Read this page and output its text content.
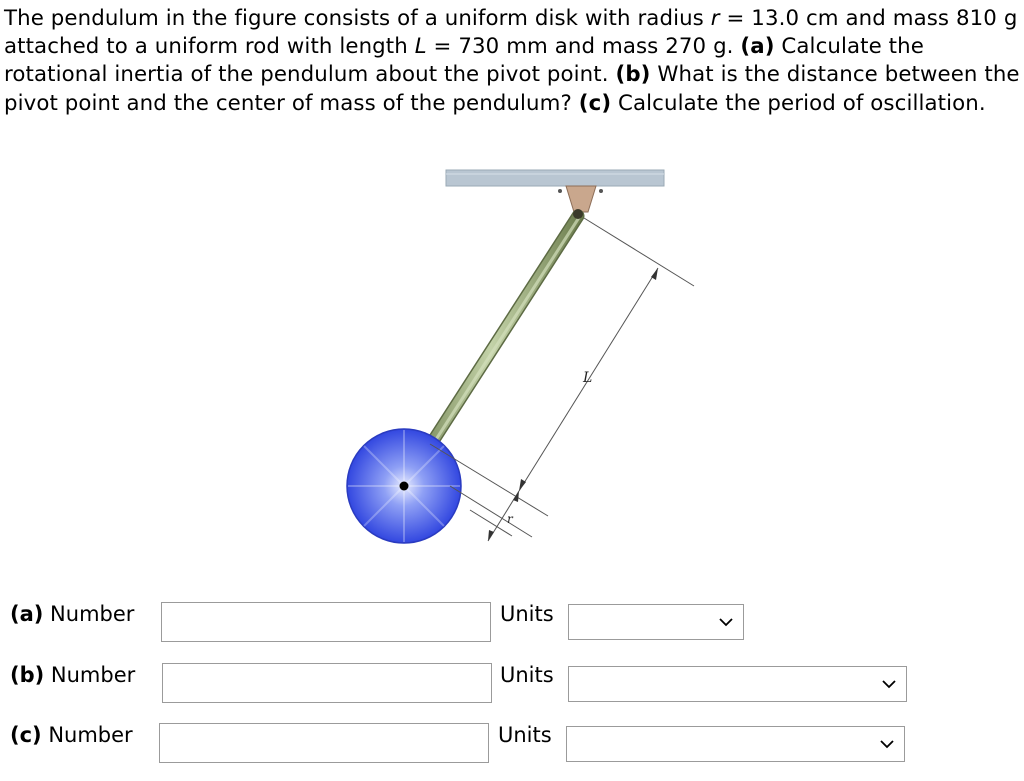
The pendulum in the figure consists of a uniform disk with radius r = 13.0 cm and mass 810 g attached to a uniform rod with length L = 730 mm and mass 270 g. (a) Calculate the rotational inertia of the pendulum about the pivot point. (b) What is the distance between the pivot point and the center of mass of the pendulum? (c) Calculate the period of oscillation.
L
r
(a) Number	Units
(b) Number	Units
(c) Number	Units
